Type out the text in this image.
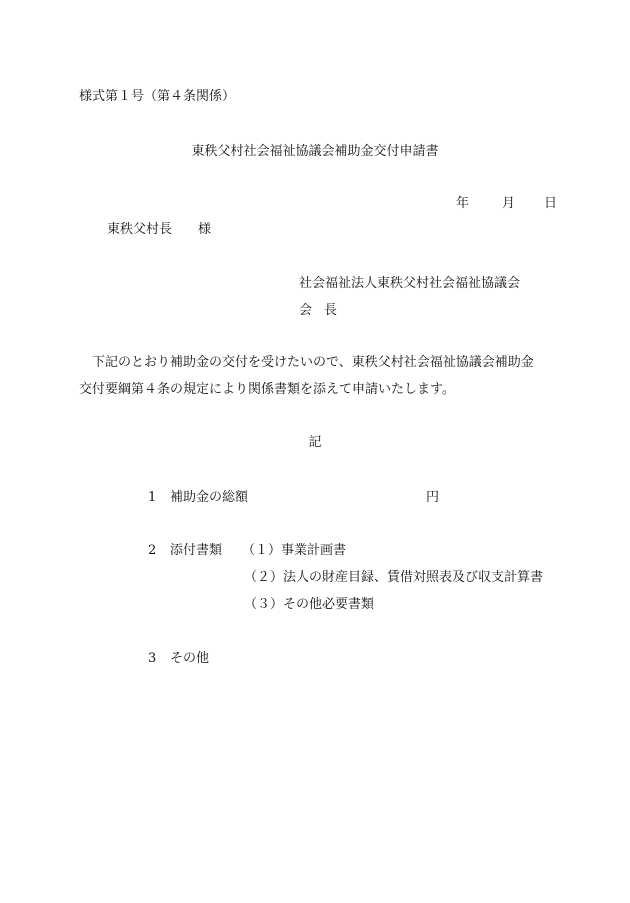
様式第１号（第４条関係）
東秩父村社会福祉協議会補助金交付申請書
年	月 日
東秩父村長 様
社会福祉法人東秩父村社会福祉協議会
会長
下記のとおり補助金の交付を受けたいので、東秩父村社会福祉協議会補助金
交付要綱第４条の規定により関係書類を添えて申請いたします。
記
1 補助金の総額	円
2 添付書類 （１）事業計画書
（２）法人の財産目録、賃借対照表及び収支計算書
（３）その他必要書類
3 その他
